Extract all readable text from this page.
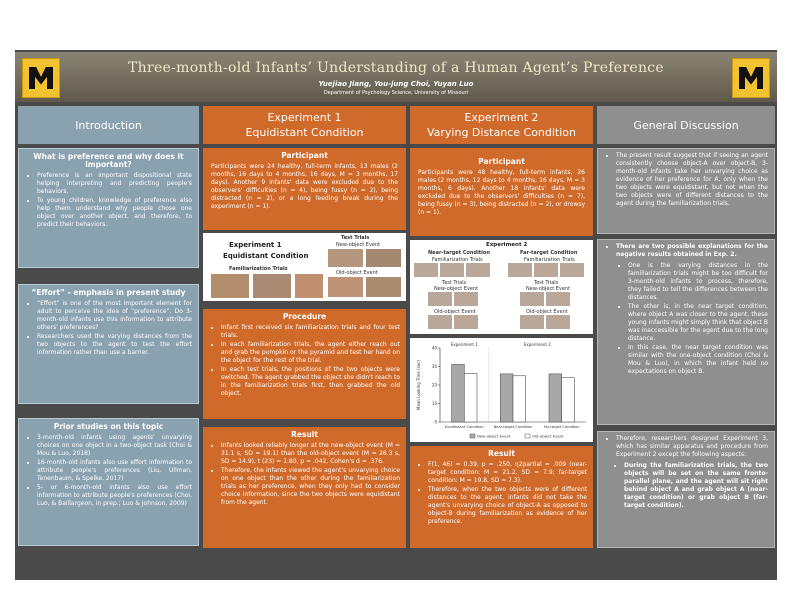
Three-month-old Infants’ Understanding of a Human Agent’s Preference
Yuejiao Jiang, You-jung Choi, Yuyan Luo
Department of Psychology Science, University of Missouri
Introduction
Experiment 1
Equidistant Condition
Experiment 2
Varying Distance Condition
General Discussion
What is preference and why does it important?
• Preference is an important dispositional state helping interpreting and predicting people's behaviors.
• To young children, knowledge of preference also help them understand why people chose one object over another object, and therefore, to predict their behaviors.
“Effort” - emphasis in present study
• “Effort” is one of the most important element for adult to perceive the idea of “preference”. Do 3-month-old infants use this information to attribute others' preferences?
• Researchers used the varying distances from the two objects to the agent to test the effort information rather than use a barrier.
Prior studies on this topic
• 3-month-old infants using agents' unvarying choices on one object in a two-object task (Choi & Mou & Luo, 2018)
• 16-month-old infants also use effort information to attribute people's preferences (Liu, Ullman, Tenenbaum, & Spelke, 2017)
• 5- or 6-month-old infants also use effort information to attribute people's preferences (Choi, Luo, & Baillargeon, in prep.; Luo & Johnson, 2009)
Participant

Participants were 24 healthy, full-term infants, 13 males (2 months, 16 days to 4 months, 16 days, M = 3 months, 17 days). Another 9 infants' data were excluded due to the observers' difficulties (n = 4), being fussy (n = 2), being distracted (n = 2), or a long feeding break during the experiment (n = 1).

Experiment 1
Equidistant Condition
Familiarization Trials
Test Trials
New-object Event
Old-object Event
Procedure
• Infant first received six familiarization trials and four test trials.
• In each familiarization trials, the agent either reach out and grab the pumpkin or the pyramid and test her hand on the object for the rest of the trial.
• In each test trials, the positions of the two objects were switched. The agent grabbed the object she didn't reach to in the familiarization trials first, then grabbed the old object.
Result
• Infants looked reliably longer at the new-object event (M = 31.1 s, SD = 19.1) than the old-object event (M = 26.3 s, SD = 14.9), t (23) = 1.80, p = .042, Cohen's d = .376.
• Therefore, the infants viewed the agent's unvarying choice on one object than the other during the familiarization trials as her preference, when they only had to consider choice information, since the two objects were equidistant from the agent.
Participant

Participants were 48 healthy, full-term infants, 26 males (2 months, 12 days to 4 months, 16 days, M = 3 months, 6 days). Another 18 infants' data were excluded due to the observers' difficulties (n = 7), being fussy (n = 3), being distracted (n = 2), or drowsy (n = 1).

Experiment 2
Near-target Condition	Far-target Condition
Familiarization Trials	Familiarization Trials
Test Trials	Test Trials
New-object Event	New-object Event
Old-object Event	Old-object Event
0
10
20
30
40
Mean Looking Time (sec)
Equidistant Condition	Near-target Condition	Far-target Condition
Experiment 1	Experiment 2
New-object Event	Old-object Event
Result
• F(1, 46) = 0.39, p = .250, η2partial = .009 (near-target condition: M = 21.2, SD = 7.9; far-target condition: M = 19.8, SD = 7.3).
• Therefore, when the two objects were of different distances to the agent, infants did not take the agent's unvarying choice of object-A as opposed to object-B during familiarization as evidence of her preference.
• The present result suggest that if seeing an agent consistently choose object-A over object-B, 3-month-old infants take her unvarying choice as evidence of her preference for A, only when the two objects were equidistant, but not when the two objects were of different distances to the agent during the familiarization trials.
• There are two possible explanations for the negative results obtained in Exp. 2.
• One is the varying distances in the familiarization trials might be too difficult for 3-month-old infants to process, therefore, they failed to tell the differences between the distances.
• The other is, in the near target condition, where object A was closer to the agent, these young infants might simply think that object B was inaccessible for the agent due to the long distance.
• In this case, the near target condition was similar with the one-object condition (Choi & Mou & Luo), in which the infant held no expectations on object B.
• Therefore, researchers designed Experiment 3, which has similar apparatus and procedure from Experiment 2 except the following aspects:
• During the familiarization trials, the two objects will be set on the same fronto-parallel plane, and the agent will sit right behind object A and grab object A (near-target condition) or grab object B (far-target condition).
